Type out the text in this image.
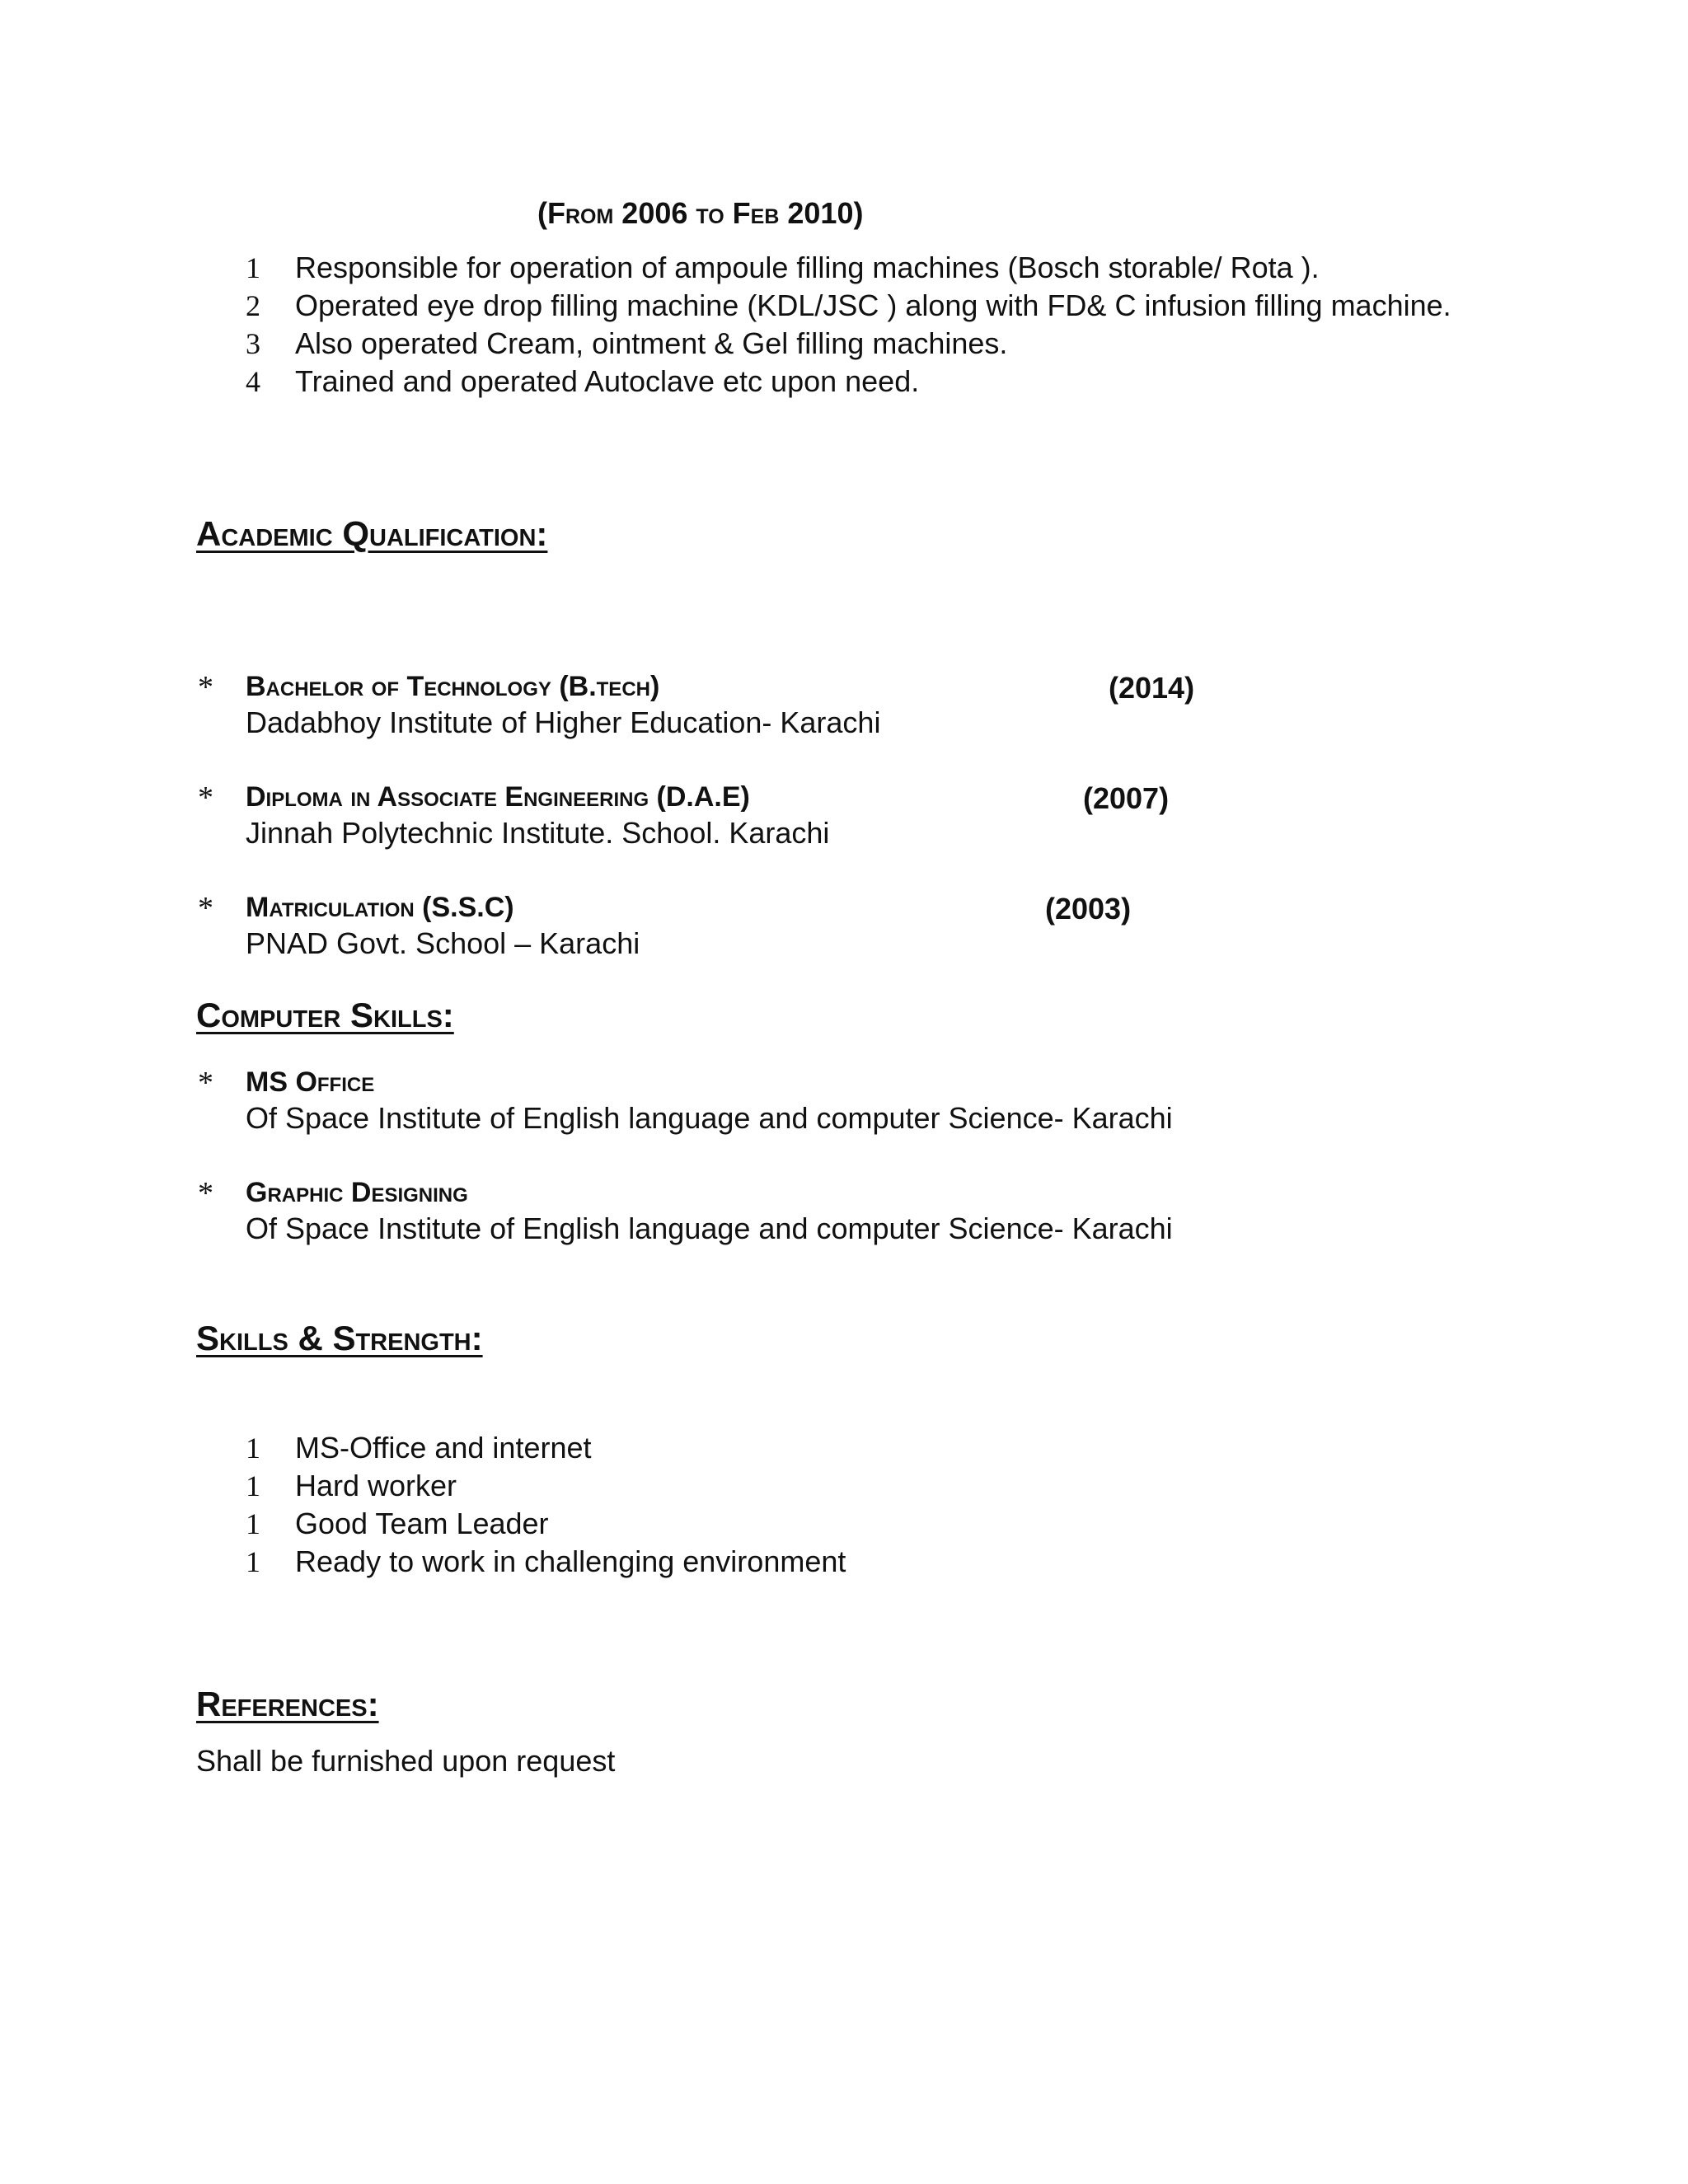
(From 2006 to Feb 2010)
1 Responsible for operation of ampoule filling machines (Bosch storable/ Rota ).
2 Operated eye drop filling machine (KDL/JSC ) along with FD& C infusion filling machine.
3 Also operated Cream, ointment & Gel filling machines.
4 Trained and operated Autoclave etc upon need.
Academic Qualification:
* Bachelor of Technology (B.tech)	(2014)
Dadabhoy Institute of Higher Education- Karachi
* Diploma in Associate Engineering (D.A.E)	(2007)
Jinnah Polytechnic Institute. School. Karachi
* Matriculation (S.S.C)	(2003)
PNAD Govt. School – Karachi
Computer Skills:
* MS Office
Of Space Institute of English language and computer Science- Karachi
* Graphic Designing
Of Space Institute of English language and computer Science- Karachi
Skills & Strength:
1 MS-Office and internet
1 Hard worker
1 Good Team Leader
1 Ready to work in challenging environment
References:
Shall be furnished upon request
